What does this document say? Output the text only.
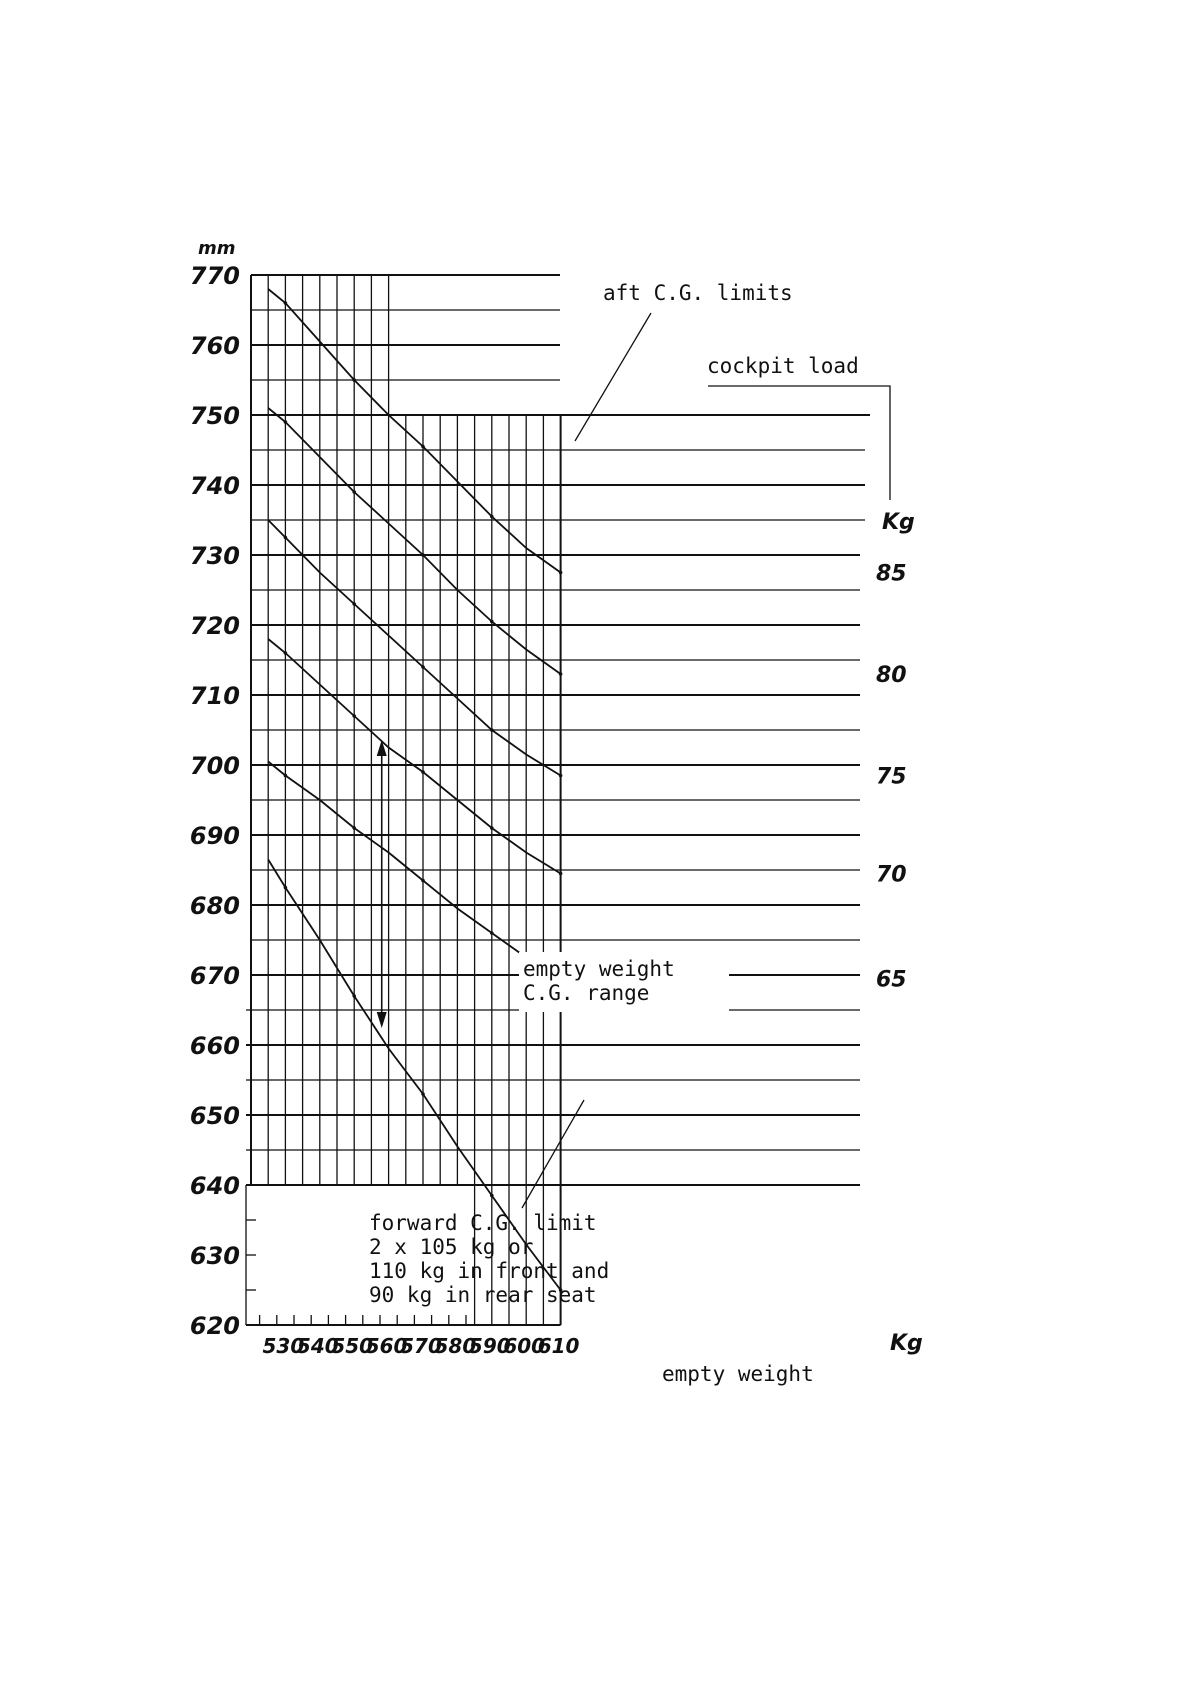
aft C.G. limits
cockpit load
Kg
mm
empty weight
C.G. range
forward C.G. limit
2 x 105 kg or
110 kg in front and
90 kg in rear seat
empty weight
Kg
620
630
640
650
660
670
680
690
700
710
720
730
740
750
760
770
530
540
550
560
570
580
590
600
610
85
80
75
70
65
